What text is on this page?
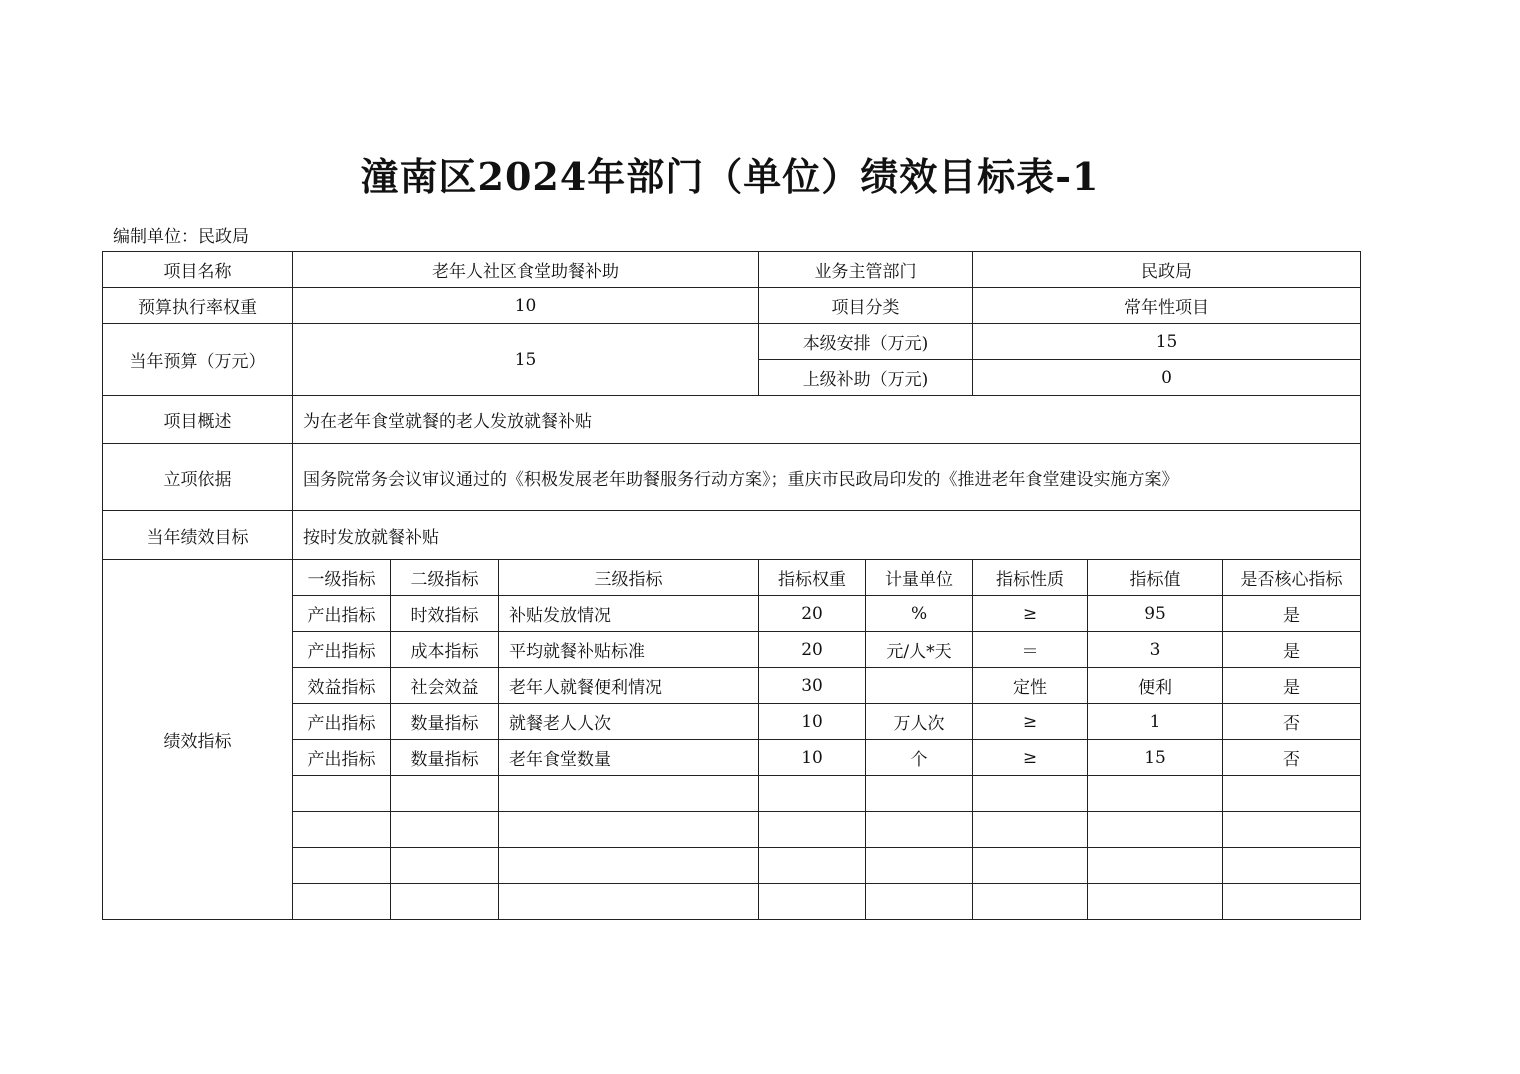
潼南区2024年部门（单位）绩效目标表-1
编制单位：民政局
项目名称	老年人社区食堂助餐补助			业务主管部门		民政局		
预算执行率权重	10			项目分类		常年性项目		
当年预算（万元）	15			本级安排（万元)		15		
				上级补助（万元)		0		
项目概述	为在老年食堂就餐的老人发放就餐补贴							
立项依据	国务院常务会议审议通过的《积极发展老年助餐服务行动方案》；重庆市民政局印发的《推进老年食堂建设实施方案》							
当年绩效目标	按时发放就餐补贴							
绩效指标	一级指标	二级指标	三级指标	指标权重	计量单位	指标性质	指标值	是否核心指标
	产出指标	时效指标	补贴发放情况	20	%	≥	95	是
	产出指标	成本指标	平均就餐补贴标准	20	元/人*天	＝	3	是
	效益指标	社会效益	老年人就餐便利情况	30		定性	便利	是
	产出指标	数量指标	就餐老人人次	10	万人次	≥	1	否
	产出指标	数量指标	老年食堂数量	10	个	≥	15	否
